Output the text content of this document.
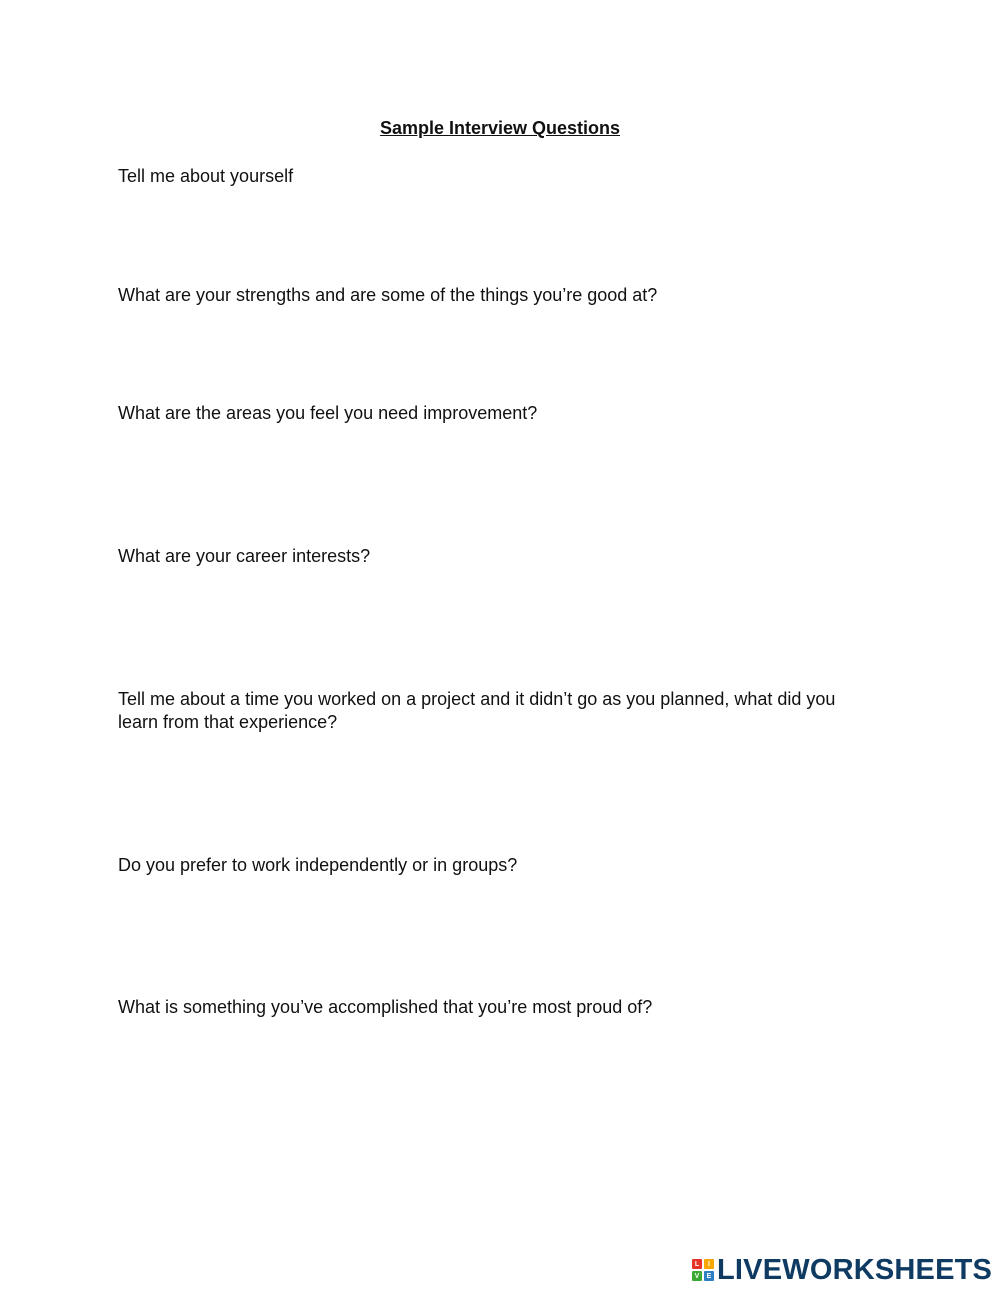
Sample Interview Questions
Tell me about yourself
What are your strengths and are some of the things you’re good at?
What are the areas you feel you need improvement?
What are your career interests?
Tell me about a time you worked on a project and it didn’t go as you planned, what did you learn from that experience?
Do you prefer to work independently or in groups?
What is something you’ve accomplished that you’re most proud of?
L	I
V	E LIVEWORKSHEETS
